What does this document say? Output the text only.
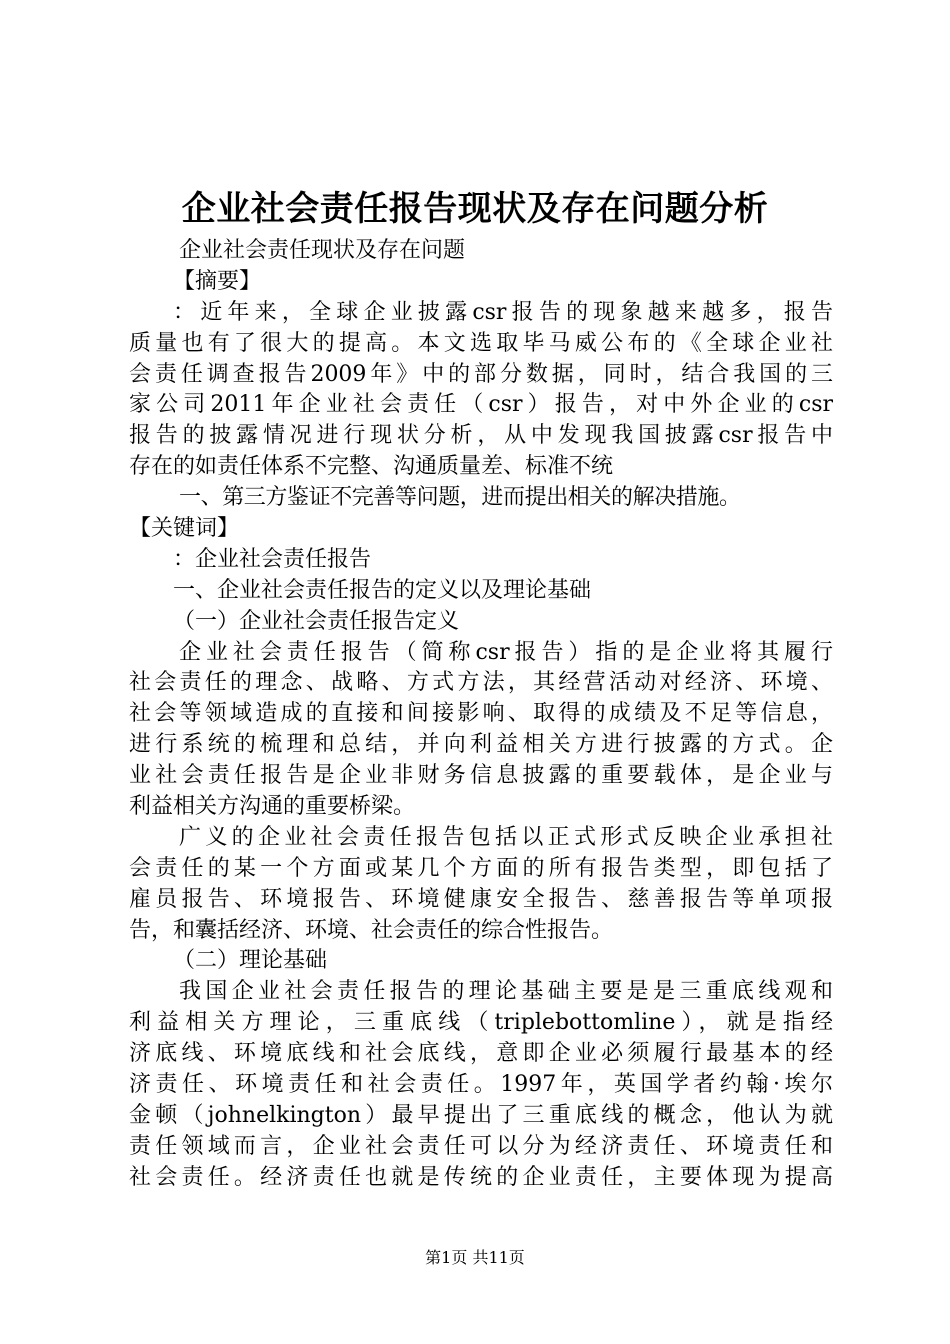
企业社会责任报告现状及存在问题分析
企业社会责任现状及存在问题
【摘要】
：近年来，全球企业披露csr报告的现象越来越多，报告
质量也有了很大的提高。本文选取毕马威公布的《全球企业社
会责任调查报告2009年》中的部分数据，同时，结合我国的三
家公司2011年企业社会责任（csr）报告，对中外企业的csr
报告的披露情况进行现状分析，从中发现我国披露csr报告中
存在的如责任体系不完整、沟通质量差、标准不统
一、第三方鉴证不完善等问题，进而提出相关的解决措施。
【关键词】
：企业社会责任报告
一、企业社会责任报告的定义以及理论基础
（一）企业社会责任报告定义
企业社会责任报告（简称csr报告）指的是企业将其履行
社会责任的理念、战略、方式方法，其经营活动对经济、环境、
社会等领域造成的直接和间接影响、取得的成绩及不足等信息，
进行系统的梳理和总结，并向利益相关方进行披露的方式。企
业社会责任报告是企业非财务信息披露的重要载体，是企业与
利益相关方沟通的重要桥梁。
广义的企业社会责任报告包括以正式形式反映企业承担社
会责任的某一个方面或某几个方面的所有报告类型，即包括了
雇员报告、环境报告、环境健康安全报告、慈善报告等单项报
告，和囊括经济、环境、社会责任的综合性报告。
（二）理论基础
我国企业社会责任报告的理论基础主要是是三重底线观和
利益相关方理论，三重底线（triplebottomline），就是指经
济底线、环境底线和社会底线，意即企业必须履行最基本的经
济责任、环境责任和社会责任。1997年，英国学者约翰·埃尔
金顿（johnelkington）最早提出了三重底线的概念，他认为就
责任领域而言，企业社会责任可以分为经济责任、环境责任和
社会责任。经济责任也就是传统的企业责任，主要体现为提高
第1页 共11页
